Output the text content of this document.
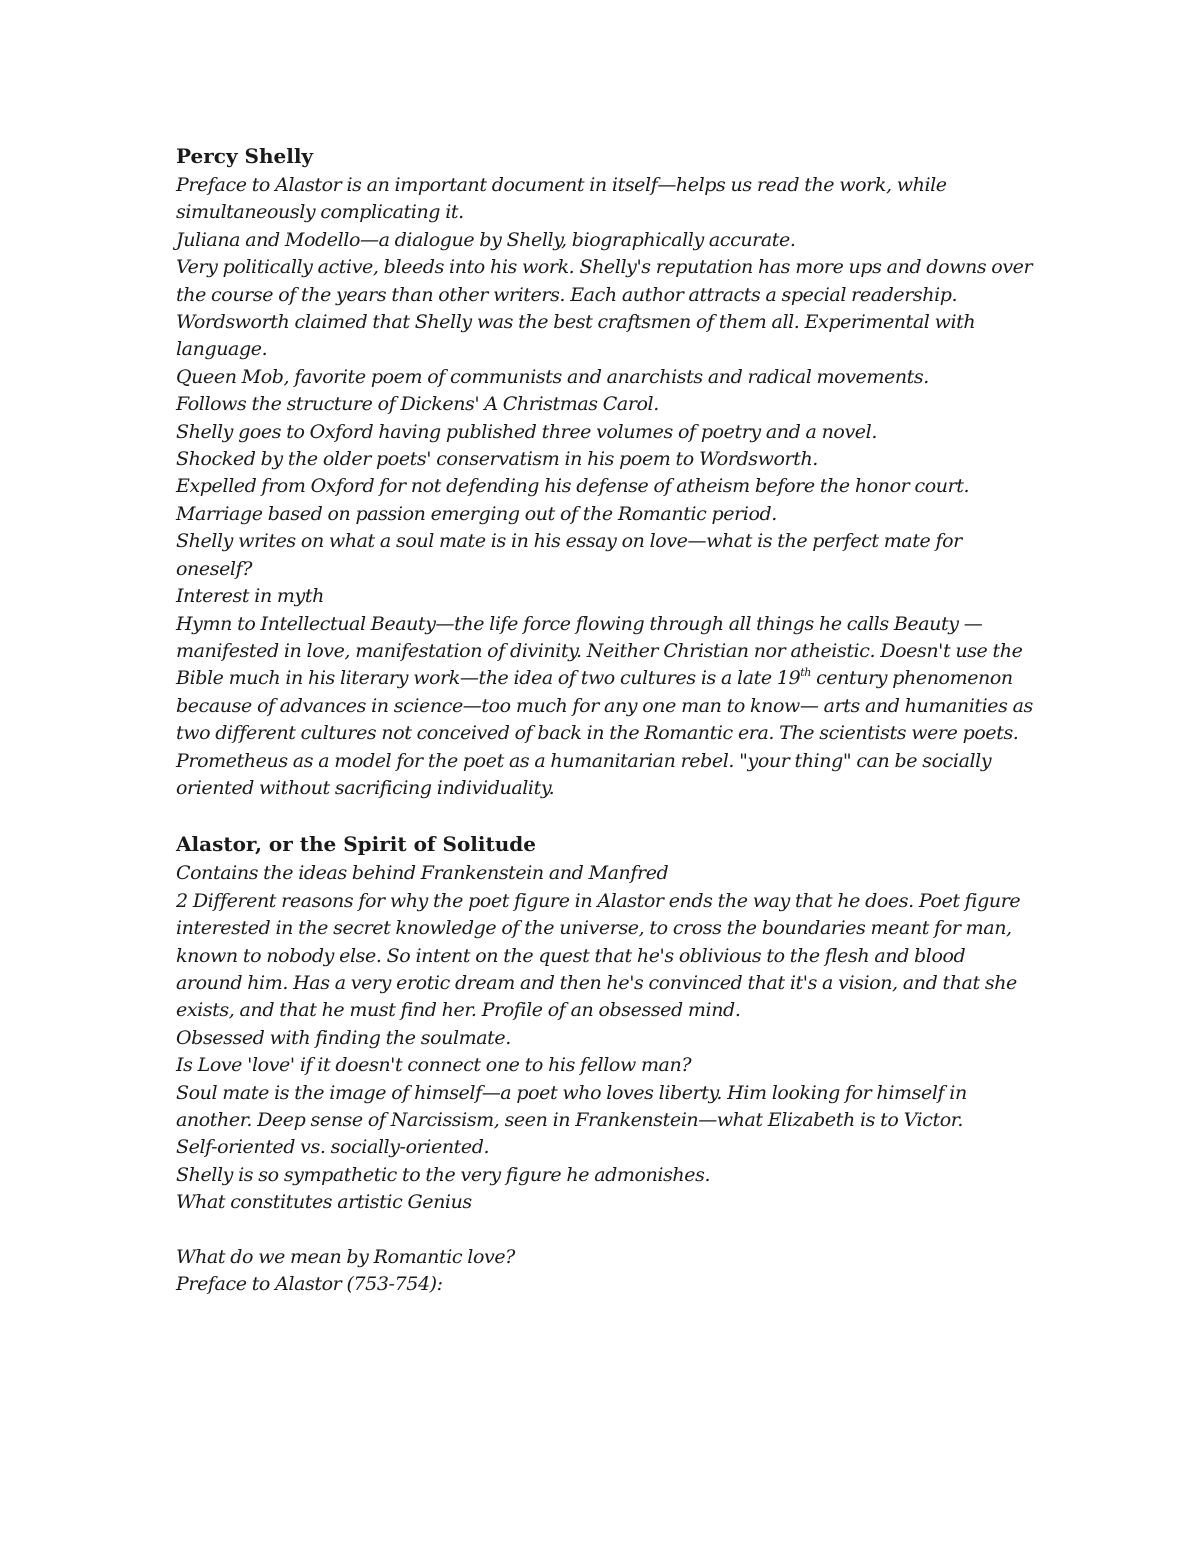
Percy Shelly

Preface to Alastor is an important document in itself—helps us read the work, while simultaneously complicating it.

Juliana and Modello—a dialogue by Shelly, biographically accurate.

Very politically active, bleeds into his work. Shelly's reputation has more ups and downs over the course of the years than other writers. Each author attracts a special readership.

Wordsworth claimed that Shelly was the best craftsmen of them all. Experimental with language.

Queen Mob, favorite poem of communists and anarchists and radical movements.

Follows the structure of Dickens' A Christmas Carol.

Shelly goes to Oxford having published three volumes of poetry and a novel.

Shocked by the older poets' conservatism in his poem to Wordsworth.

Expelled from Oxford for not defending his defense of atheism before the honor court.

Marriage based on passion emerging out of the Romantic period.

Shelly writes on what a soul mate is in his essay on love—what is the perfect mate for oneself?

Interest in myth

Hymn to Intellectual Beauty—the life force flowing through all things he calls Beauty —manifested in love, manifestation of divinity. Neither Christian nor atheistic. Doesn't use the Bible much in his literary work—the idea of two cultures is a late 19th century phenomenon because of advances in science—too much for any one man to know— arts and humanities as two different cultures not conceived of back in the Romantic era. The scientists were poets. Prometheus as a model for the poet as a humanitarian rebel. "your thing" can be socially oriented without sacrificing individuality.

Alastor, or the Spirit of Solitude

Contains the ideas behind Frankenstein and Manfred

2 Different reasons for why the poet figure in Alastor ends the way that he does. Poet figure interested in the secret knowledge of the universe, to cross the boundaries meant for man, known to nobody else. So intent on the quest that he's oblivious to the flesh and blood around him. Has a very erotic dream and then he's convinced that it's a vision, and that she exists, and that he must find her. Profile of an obsessed mind.

Obsessed with finding the soulmate.

Is Love 'love' if it doesn't connect one to his fellow man?

Soul mate is the image of himself—a poet who loves liberty. Him looking for himself in another. Deep sense of Narcissism, seen in Frankenstein—what Elizabeth is to Victor.

Self-oriented vs. socially-oriented.

Shelly is so sympathetic to the very figure he admonishes.

What constitutes artistic Genius

What do we mean by Romantic love?

Preface to Alastor (753-754):
